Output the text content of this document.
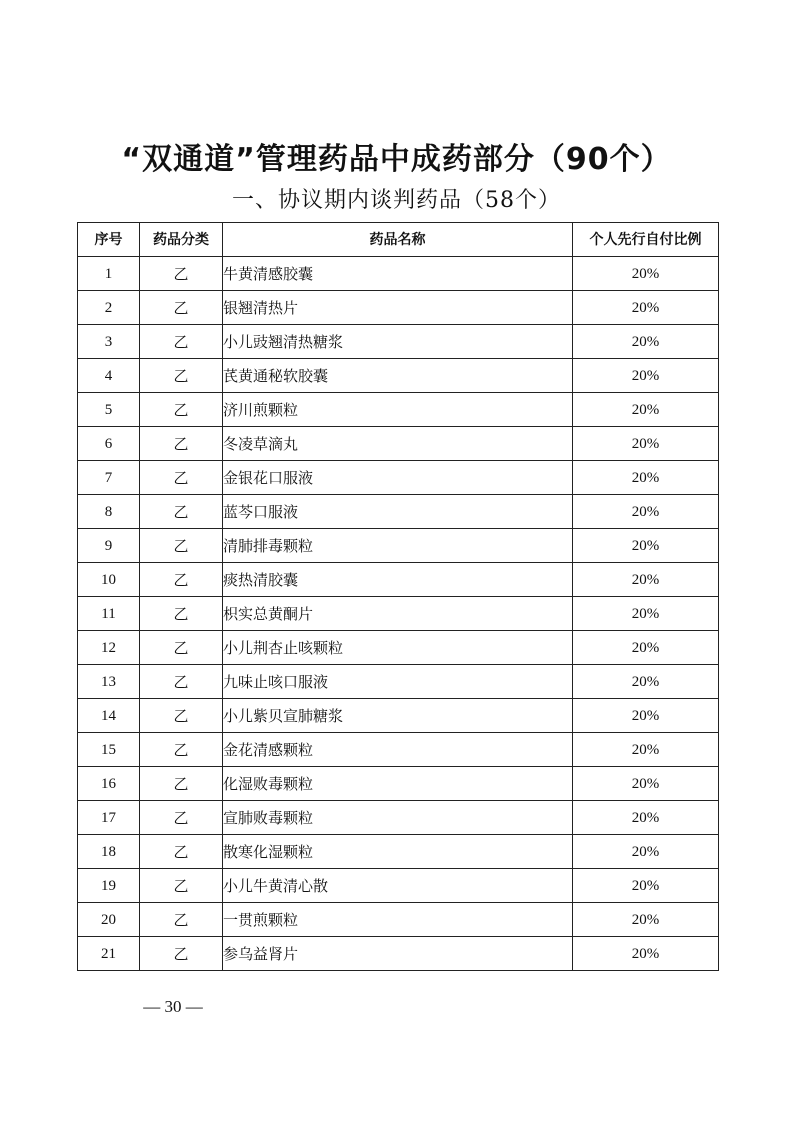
“双通道”管理药品中成药部分（90个）
一、协议期内谈判药品（58个）
序号	药品分类	药品名称	个人先行自付比例
1	乙	牛黄清感胶囊	20%
2	乙	银翘清热片	20%
3	乙	小儿豉翘清热糖浆	20%
4	乙	芪黄通秘软胶囊	20%
5	乙	济川煎颗粒	20%
6	乙	冬凌草滴丸	20%
7	乙	金银花口服液	20%
8	乙	蓝芩口服液	20%
9	乙	清肺排毒颗粒	20%
10	乙	痰热清胶囊	20%
11	乙	枳实总黄酮片	20%
12	乙	小儿荆杏止咳颗粒	20%
13	乙	九味止咳口服液	20%
14	乙	小儿紫贝宣肺糖浆	20%
15	乙	金花清感颗粒	20%
16	乙	化湿败毒颗粒	20%
17	乙	宣肺败毒颗粒	20%
18	乙	散寒化湿颗粒	20%
19	乙	小儿牛黄清心散	20%
20	乙	一贯煎颗粒	20%
21	乙	参乌益肾片	20%
— 30 —
